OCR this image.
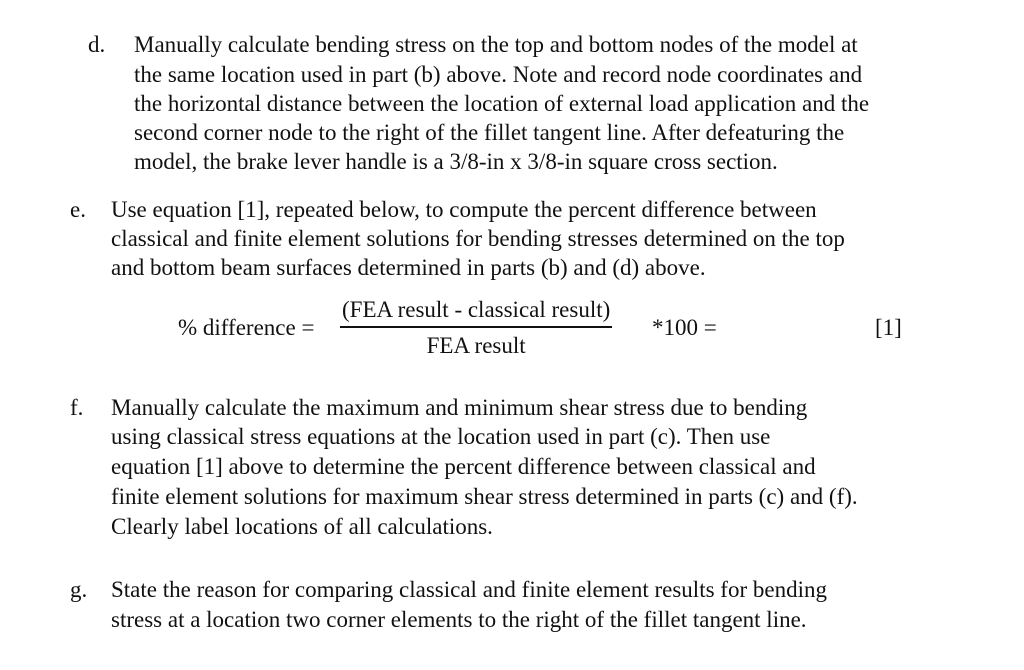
d. Manually calculate bending stress on the top and bottom nodes of the model at
the same location used in part (b) above. Note and record node coordinates and
the horizontal distance between the location of external load application and the
second corner node to the right of the fillet tangent line. After defeaturing the
model, the brake lever handle is a 3/8-in x 3/8-in square cross section.
e. Use equation [1], repeated below, to compute the percent difference between
classical and finite element solutions for bending stresses determined on the top
and bottom beam surfaces determined in parts (b) and (d) above.
% difference =
(FEA result - classical result)
FEA result
*100 =	[1]
f. Manually calculate the maximum and minimum shear stress due to bending
using classical stress equations at the location used in part (c). Then use
equation [1] above to determine the percent difference between classical and
finite element solutions for maximum shear stress determined in parts (c) and (f).
Clearly label locations of all calculations.
g. State the reason for comparing classical and finite element results for bending
stress at a location two corner elements to the right of the fillet tangent line.
